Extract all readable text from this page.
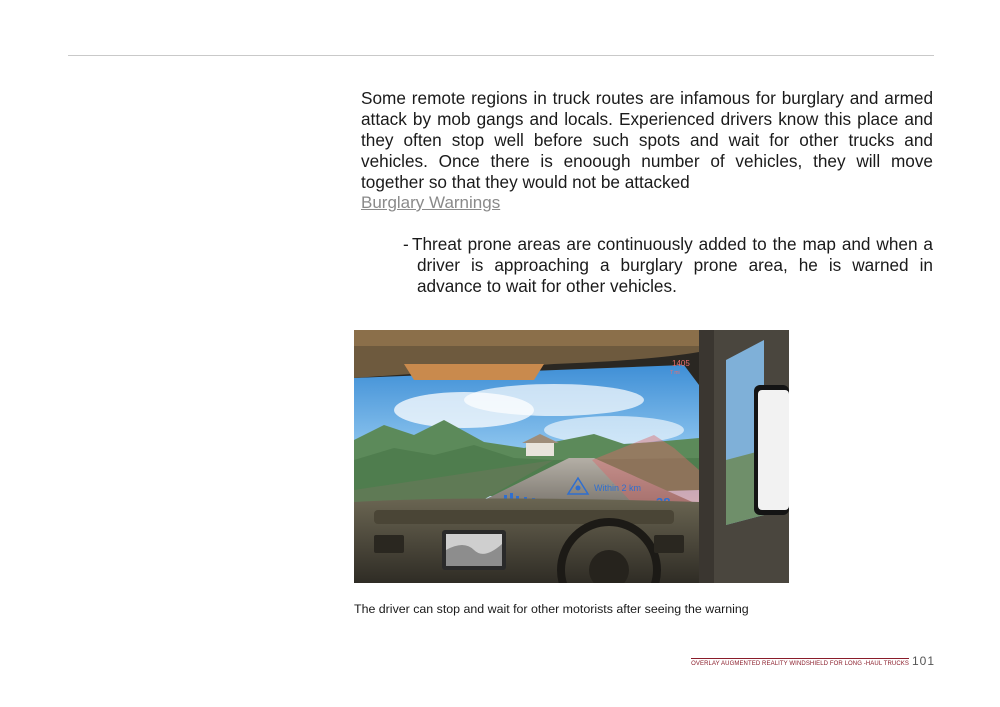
Some remote regions in truck routes are infamous for burglary and armed attack by mob gangs and locals. Experienced drivers know this place and they often stop well before such spots and wait for other trucks and vehicles. Once there is enoough number of vehicles, they will move together so that they would not be attacked

Burglary Warnings
- Threat prone areas are continuously added to the map and when a driver is approaching a burglary prone area, he is warned in advance to wait for other vehicles.
1405
T mi
Within 2 km
The driver can stop and wait for other motorists after seeing the warning
OVERLAY AUGMENTED REALITY WINDSHIELD FOR LONG -HAUL TRUCKS 101
